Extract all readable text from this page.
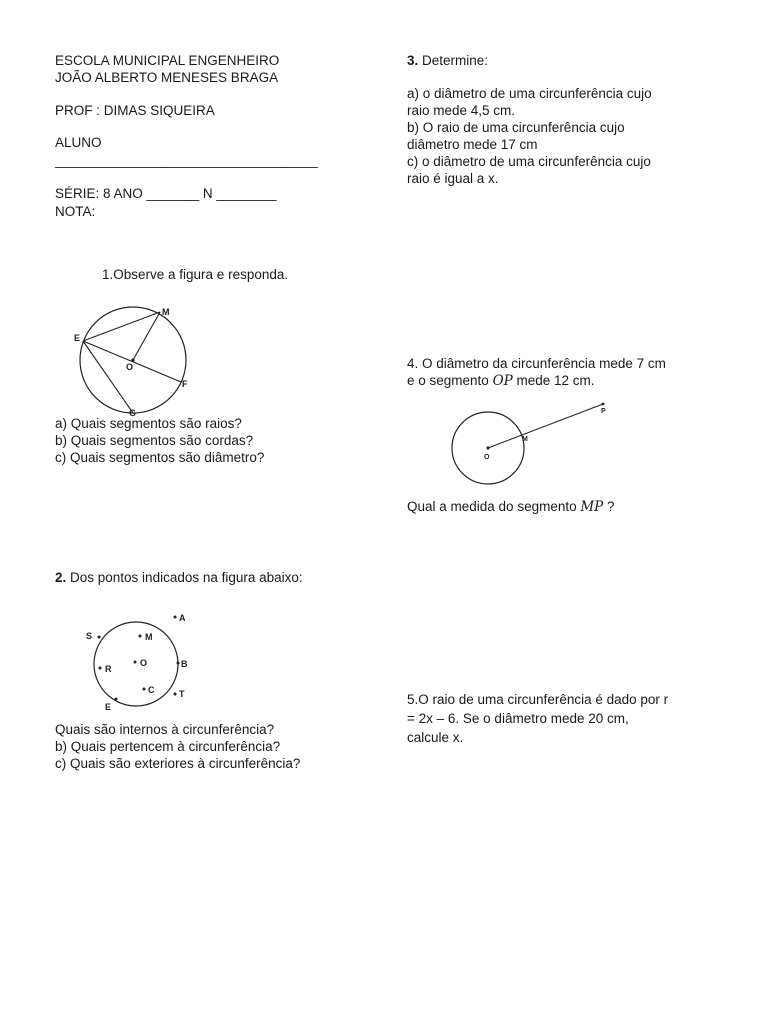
ESCOLA MUNICIPAL ENGENHEIRO
JOÃO ALBERTO MENESES BRAGA
PROF : DIMAS SIQUEIRA
ALUNO
___________________________________
SÉRIE: 8 ANO _______ N ________
NOTA:
1.Observe a figura e responda.
M
E
O
F
G
a) Quais segmentos são raios?
b) Quais segmentos são cordas?
c) Quais segmentos são diâmetro?
2. Dos pontos indicados na figura abaixo:
A
S	M
R
O	B
C	T
E
Quais são internos à circunferência?
b) Quais pertencem à circunferência?
c) Quais são exteriores à circunferência?
3. Determine:
a) o diâmetro de uma circunferência cujo
raio mede 4,5 cm.
b) O raio de uma circunferência cujo
diâmetro mede 17 cm
c) o diâmetro de uma circunferência cujo
raio é igual a x.
4. O diâmetro da circunferência mede 7 cm
e o segmento OP mede 12 cm.
O
M
P
Qual a medida do segmento MP ?
5.O raio de uma circunferência é dado por r
= 2x – 6. Se o diâmetro mede 20 cm,
calcule x.
